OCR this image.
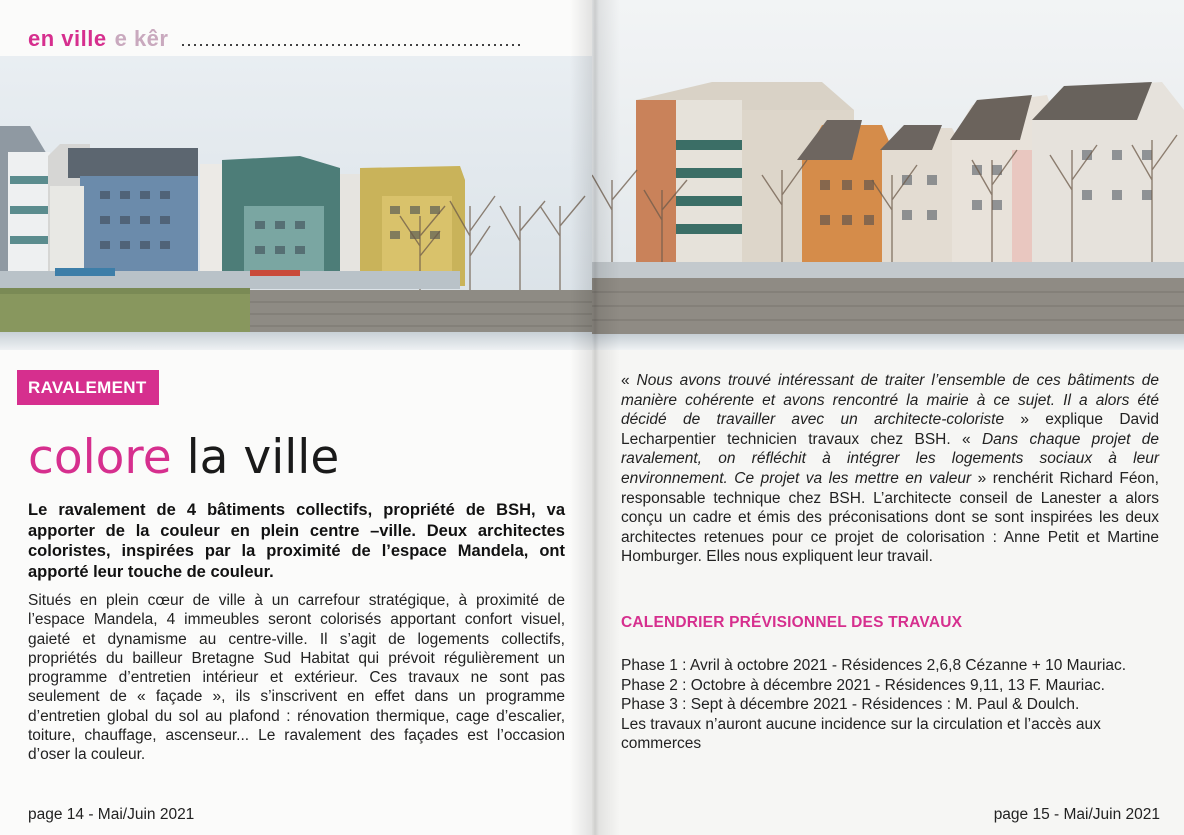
en ville e kêr .........................................................
RAVALEMENT
colore la ville
Le ravalement de 4 bâtiments collectifs, propriété de BSH, va apporter de la couleur en plein centre –ville. Deux architectes coloristes, inspirées par la proximité de l’espace Mandela, ont apporté leur touche de couleur.
Situés en plein cœur de ville à un carrefour stratégique, à proximité de l’espace Mandela, 4 immeubles seront colorisés apportant confort visuel, gaieté et dynamisme au centre-ville. Il s’agit de logements collectifs, propriétés du bailleur Bretagne Sud Habitat qui prévoit régulièrement un programme d’entretien intérieur et extérieur. Ces travaux ne sont pas seulement de « façade », ils s’inscrivent en effet dans un programme d’entretien global du sol au plafond : rénovation thermique, cage d’escalier, toiture, chauffage, ascenseur... Le ravalement des façades est l’occasion d’oser la couleur.
page 14 - Mai/Juin 2021
« Nous avons trouvé intéressant de traiter l’ensemble de ces bâtiments de manière cohérente et avons rencontré la mairie à ce sujet. Il a alors été décidé de travailler avec un architecte-coloriste » explique David Lecharpentier technicien travaux chez BSH. « Dans chaque projet de ravalement, on réfléchit à intégrer les logements sociaux à leur environnement. Ce projet va les mettre en valeur » renchérit Richard Féon, responsable technique chez BSH. L’architecte conseil de Lanester a alors conçu un cadre et émis des préconisations dont se sont inspirées les deux architectes retenues pour ce projet de colorisation : Anne Petit et Martine Homburger. Elles nous expliquent leur travail.
CALENDRIER PRÉVISIONNEL DES TRAVAUX
Phase 1 : Avril à octobre 2021 - Résidences 2,6,8 Cézanne + 10 Mauriac.
Phase 2 : Octobre à décembre 2021 - Résidences 9,11, 13 F. Mauriac.
Phase 3 : Sept à décembre 2021 - Résidences : M. Paul & Doulch.
Les travaux n’auront aucune incidence sur la circulation et l’accès aux commerces
page 15 - Mai/Juin 2021
